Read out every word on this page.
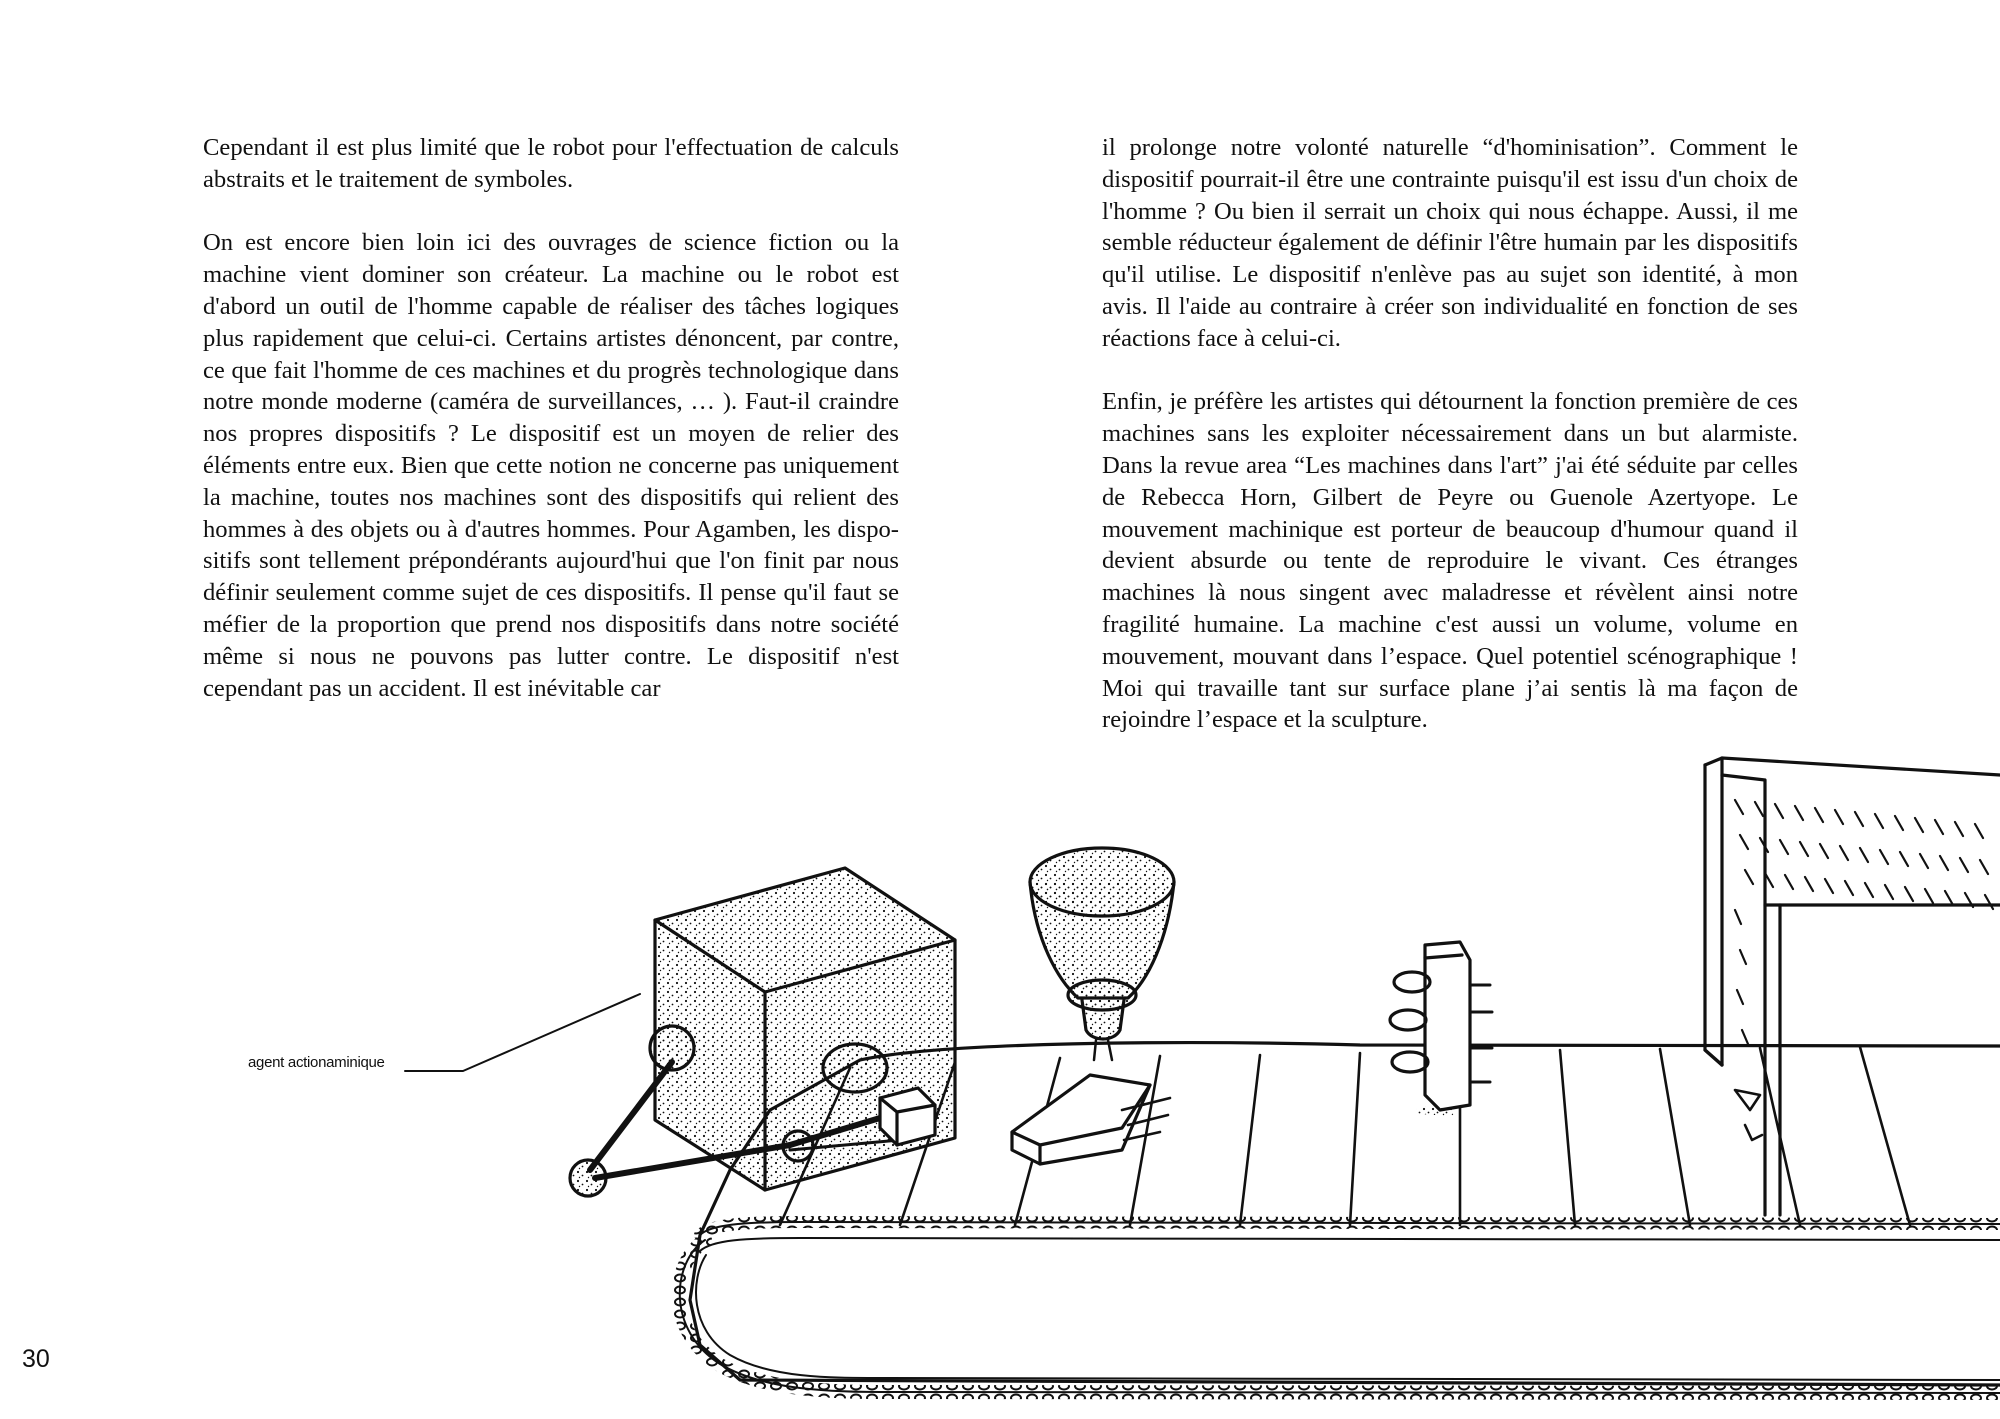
Cependant il est plus limité que le robot pour l'effectuation de calculs abstraits et le traitement de symboles.

On est encore bien loin ici des ouvrages de science fiction ou la machine vient dominer son créateur. La machine ou le robot est d'abord un outil de l'homme capable de réaliser des tâches logiques plus rapidement que celui-ci. Certains artistes dénoncent, par contre, ce que fait l'homme de ces machines et du progrès technologique dans notre monde moderne (caméra de surveillances, … ). Faut-il craindre nos propres dispositifs ? Le dispositif est un moyen de relier des éléments entre eux. Bien que cette notion ne concerne pas uniquement la machine, toutes nos machines sont des dispositifs qui relient des hommes à des objets ou à d'autres hommes. Pour Agamben, les dispositifs sont tellement prépondérants aujourd'hui que l'on finit par nous définir seulement comme sujet de ces dispositifs. Il pense qu'il faut se méfier de la proportion que prend nos dispositifs dans notre société même si nous ne pouvons pas lutter contre. Le dispositif n'est cependant pas un accident. Il est inévitable car

il prolonge notre volonté naturelle “d'hominisation”. Comment le dispositif pourrait-il être une contrainte puisqu'il est issu d'un choix de l'homme ? Ou bien il serrait un choix qui nous échappe. Aussi, il me semble réducteur également de définir l'être humain par les dispositifs qu'il utilise. Le dispositif n'enlève pas au sujet son identité, à mon avis. Il l'aide au contraire à créer son individualité en fonction de ses réactions face à celui-ci.

Enfin, je préfère les artistes qui détournent la fonction première de ces machines sans les exploiter nécessairement dans un but alarmiste. Dans la revue area “Les machines dans l'art” j'ai été séduite par celles de Rebecca Horn, Gilbert de Peyre ou Guenole Azertyope. Le mouvement machinique est porteur de beaucoup d'humour quand il devient absurde ou tente de reproduire le vivant. Ces étranges machines là nous singent avec maladresse et révèlent ainsi notre fragilité humaine. La machine c'est aussi un volume, volume en mouvement, mouvant dans l’espace. Quel potentiel scénographique ! Moi qui travaille tant sur surface plane j’ai sentis là ma façon de rejoindre l’espace et la sculpture.

agent actionaminique
30
